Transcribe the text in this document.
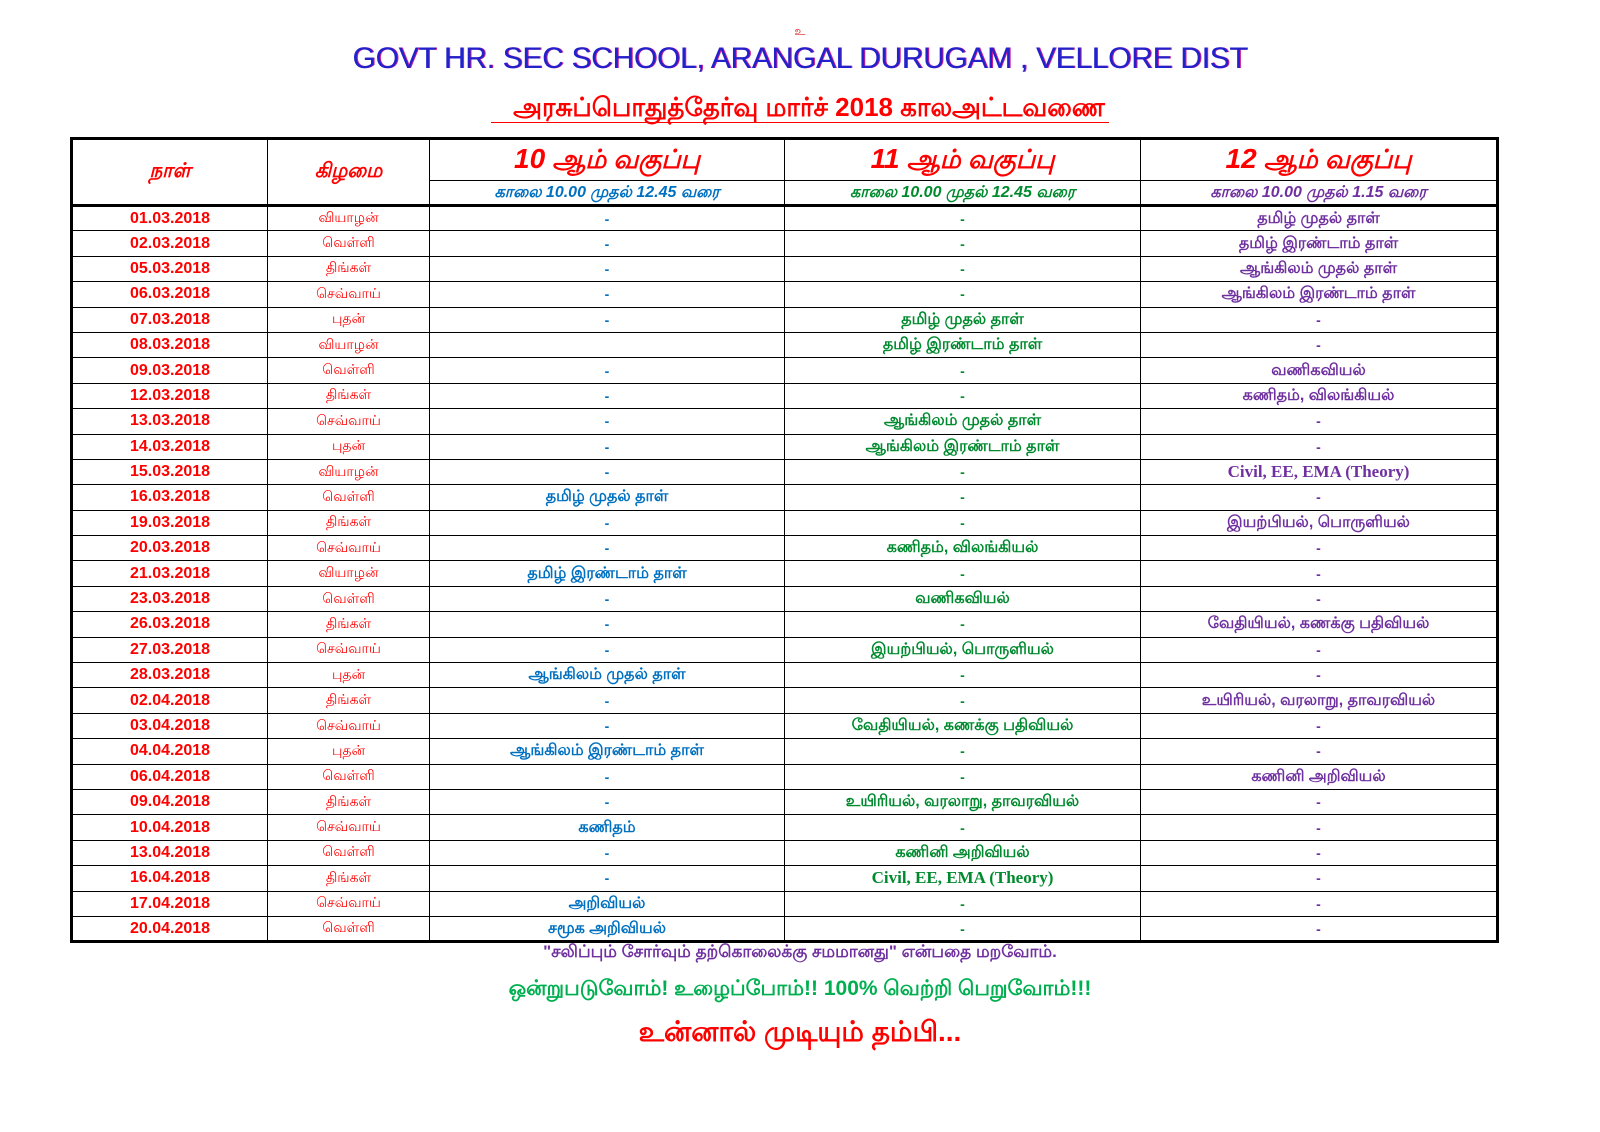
உ
GOVT HR. SEC SCHOOL, ARANGAL DURUGAM , VELLORE DIST
அரசுப்பொதுத்தேர்வு மார்ச் 2018 காலஅட்டவணை
நாள்	கிழமை	10 ஆம் வகுப்பு	11 ஆம் வகுப்பு	12 ஆம் வகுப்பு
		காலை 10.00 முதல் 12.45 வரை	காலை 10.00 முதல் 12.45 வரை	காலை 10.00 முதல் 1.15 வரை
01.03.2018	வியாழன்	-	-	தமிழ் முதல் தாள்
02.03.2018	வெள்ளி	-	-	தமிழ் இரண்டாம் தாள்
05.03.2018	திங்கள்	-	-	ஆங்கிலம் முதல் தாள்
06.03.2018	செவ்வாய்	-	-	ஆங்கிலம் இரண்டாம் தாள்
07.03.2018	புதன்	-	தமிழ் முதல் தாள்	-
08.03.2018	வியாழன்		தமிழ் இரண்டாம் தாள்	-
09.03.2018	வெள்ளி	-	-	வணிகவியல்
12.03.2018	திங்கள்	-	-	கணிதம், விலங்கியல்
13.03.2018	செவ்வாய்	-	ஆங்கிலம் முதல் தாள்	-
14.03.2018	புதன்	-	ஆங்கிலம் இரண்டாம் தாள்	-
15.03.2018	வியாழன்	-	-	Civil, EE, EMA (Theory)
16.03.2018	வெள்ளி	தமிழ் முதல் தாள்	-	-
19.03.2018	திங்கள்	-	-	இயற்பியல், பொருளியல்
20.03.2018	செவ்வாய்	-	கணிதம், விலங்கியல்	-
21.03.2018	வியாழன்	தமிழ் இரண்டாம் தாள்	-	-
23.03.2018	வெள்ளி	-	வணிகவியல்	-
26.03.2018	திங்கள்	-	-	வேதியியல், கணக்கு பதிவியல்
27.03.2018	செவ்வாய்	-	இயற்பியல், பொருளியல்	-
28.03.2018	புதன்	ஆங்கிலம் முதல் தாள்	-	-
02.04.2018	திங்கள்	-	-	உயிரியல், வரலாறு, தாவரவியல்
03.04.2018	செவ்வாய்	-	வேதியியல், கணக்கு பதிவியல்	-
04.04.2018	புதன்	ஆங்கிலம் இரண்டாம் தாள்	-	-
06.04.2018	வெள்ளி	-	-	கணினி அறிவியல்
09.04.2018	திங்கள்	-	உயிரியல், வரலாறு, தாவரவியல்	-
10.04.2018	செவ்வாய்	கணிதம்	-	-
13.04.2018	வெள்ளி	-	கணினி அறிவியல்	-
16.04.2018	திங்கள்	-	Civil, EE, EMA (Theory)	-
17.04.2018	செவ்வாய்	அறிவியல்	-	-
20.04.2018	வெள்ளி	சமூக அறிவியல்	-	-
"சலிப்பும் சோர்வும் தற்கொலைக்கு சமமானது" என்பதை மறவோம்.
ஒன்றுபடுவோம்! உழைப்போம்!! 100% வெற்றி பெறுவோம்!!!
உன்னால் முடியும் தம்பி...
